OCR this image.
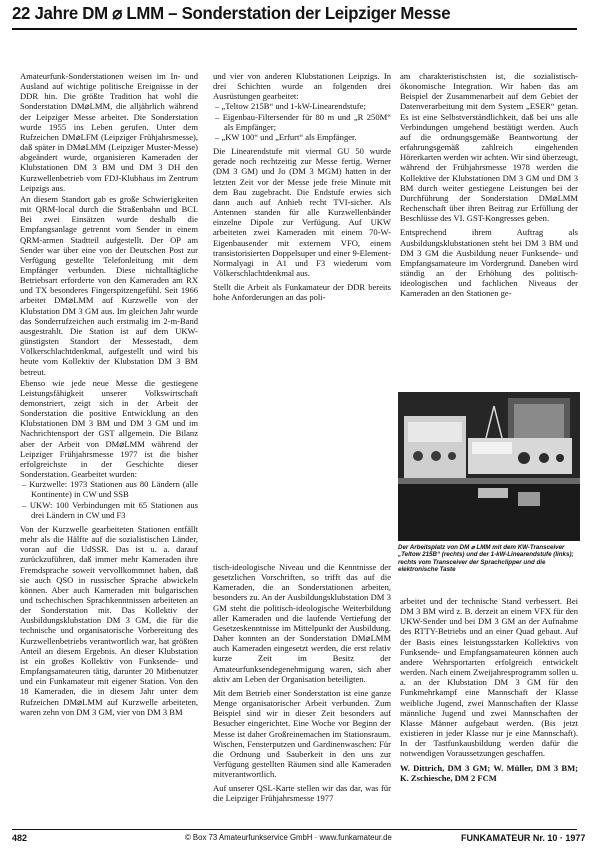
22 Jahre DM ⌀ LMM – Sonderstation der Leipziger Messe

Amateurfunk-Sonderstationen weisen im In- und Ausland auf wichtige politische Ereignisse in der DDR hin. Die größte Tradition hat wohl die Sonderstation DM⌀LMM, die alljährlich während der Leipziger Messe arbeitet. Die Sonderstation wurde 1955 ins Leben gerufen. Unter dem Rufzeichen DM⌀LFM (Leipziger Frühjahrsmesse), daß später in DM⌀LMM (Leipziger Muster-Messe) abgeändert wurde, organisieren Kameraden der Klubstationen DM 3 BM und DM 3 DH den Kurzwellenbetrieb vom FDJ-Klubhaus im Zentrum Leipzigs aus.

An diesem Standort gab es große Schwierigkeiten mit QRM-local durch die Straßenbahn und BCI. Bei zwei Einsätzen wurde deshalb die Empfangsanlage getrennt vom Sender in einem QRM-armen Stadtteil aufgestellt. Der OP am Sender war über eine von der Deutschen Post zur Verfügung gestellte Telefonleitung mit dem Empfänger verbunden. Diese nichtalltägliche Betriebsart erforderte von den Kameraden am RX und TX besonderes Fingerspitzengefühl. Seit 1966 arbeitet DM⌀LMM auf Kurzwelle von der Klubstation DM 3 GM aus. Im gleichen Jahr wurde das Sonderrufzeichen auch erstmalig im 2-m-Band ausgestrahlt. Die Station ist auf dem UKW-günstigsten Standort der Messestadt, dem Völkerschlachtdenkmal, aufgestellt und wird bis heute vom Kollektiv der Klubstation DM 3 BM betreut.

Ebenso wie jede neue Messe die gestiegene Leistungsfähigkeit unserer Volkswirtschaft demonstriert, zeigt sich in der Arbeit der Sonderstation die positive Entwicklung an den Klubstationen DM 3 BM und DM 3 GM und im Nachrichtensport der GST allgemein. Die Bilanz aber der Arbeit von DM⌀LMM während der Leipziger Frühjahrsmesse 1977 ist die bisher erfolgreichste in der Geschichte dieser Sonderstation. Gearbeitet wurden:

– Kurzwelle: 1973 Stationen aus 80 Ländern (alle Kontinente) in CW und SSB

– UKW: 100 Verbindungen mit 65 Stationen aus drei Ländern in CW und F3

Von der Kurzwelle gearbeiteten Stationen entfällt mehr als die Hälfte auf die sozialistischen Länder, voran auf die UdSSR. Das ist u. a. darauf zurückzuführen, daß immer mehr Kameraden ihre Fremdsprache soweit vervollkommnet haben, daß sie auch QSO in russischer Sprache abwickeln können. Aber auch Kameraden mit bulgarischen und tschechischen Sprachkenntnissen arbeiteten an der Sonderstation mit. Das Kollektiv der Ausbildungsklubstation DM 3 GM, die für die technische und organisatorische Vorbereitung des Kurzwellenbetriebs verantwortlich war, hat größten Anteil an diesem Ergebnis. An dieser Klubstation ist ein großes Kollektiv von Funksende- und Empfangsamateuren tätig, darunter 20 Mitbenutzer und ein Funkamateur mit eigener Station. Von den 18 Kameraden, die in diesem Jahr unter dem Rufzeichen DM⌀LMM auf Kurzwelle arbeiteten, waren zehn von DM 3 GM, vier von DM 3 BM

und vier von anderen Klubstationen Leipzigs. In drei Schichten wurde an folgenden drei Ausrüstungen gearbeitet:

– „Teltow 215B“ und 1-kW-Linearendstufe;

– Eigenbau-Filtersender für 80 m und „R 250M“ als Empfänger;

– „KW 100“ und „Erfurt“ als Empfänger.

Die Linearendstufe mit viermal GU 50 wurde gerade noch rechtzeitig zur Messe fertig. Werner (DM 3 GM) und Jo (DM 3 MGM) hatten in der letzten Zeit vor der Messe jede freie Minute mit dem Bau zugebracht. Die Endstufe erwies sich dann auch auf Anhieb recht TVI-sicher. Als Antennen standen für alle Kurzwellenbänder einzelne Dipole zur Verfügung. Auf UKW arbeiteten zwei Kameraden mit einem 70-W-Eigenbausender mit externem VFO, einem transistorisierten Doppelsuper und einer 9-Element-Normalyagi in A1 und F3 wiederum vom Völkerschlachtdenkmal aus.

Stellt die Arbeit als Funkamateur der DDR bereits hohe Anforderungen an das poli-

tisch-ideologische Niveau und die Kenntnisse der gesetzlichen Vorschriften, so trifft das auf die Kameraden, die an Sonderstationen arbeiten, besonders zu. An der Ausbildungsklubstation DM 3 GM steht die politisch-ideologische Weiterbildung aller Kameraden und die laufende Vertiefung der Gesetzeskenntnisse im Mittelpunkt der Ausbildung. Daher konnten an der Sonderstation DM⌀LMM auch Kameraden eingesetzt werden, die erst relativ kurze Zeit im Besitz der Amateurfunksendegenehmigung waren, sich aber aktiv am Leben der Organisation beteiligten.

Mit dem Betrieb einer Sonderstation ist eine ganze Menge organisatorischer Arbeit verbunden. Zum Beispiel sind wir in dieser Zeit besonders auf Besucher eingerichtet. Eine Woche vor Beginn der Messe ist daher Großreinemachen im Stationsraum. Wischen, Fensterputzen und Gardinenwaschen: Für die Ordnung und Sauberkeit in den uns zur Verfügung gestellten Räumen sind alle Kameraden mitverantwortlich.

Auf unserer QSL-Karte stellen wir das dar, was für die Leipziger Frühjahrsmesse 1977

am charakteristischsten ist, die sozialistisch-ökonomische Integration. Wir haben das am Beispiel der Zusammenarbeit auf dem Gebiet der Datenverarbeitung mit dem System „ESER“ getan. Es ist eine Selbstverständlichkeit, daß bei uns alle Verbindungen umgehend bestätigt werden. Auch auf die ordnungsgemäße Beantwortung der erfahrungsgemäß zahlreich eingehenden Hörerkarten werden wir achten. Wir sind überzeugt, während der Frühjahrsmesse 1978 werden die Kollektive der Klubstationen DM 3 GM und DM 3 BM durch weiter gestiegene Leistungen bei der Durchführung der Sonderstation DM⌀LMM Rechenschaft über ihren Beitrag zur Erfüllung der Beschlüsse des VI. GST-Kongresses geben.

Entsprechend ihrem Auftrag als Ausbildungsklubstationen steht bei DM 3 BM und DM 3 GM die Ausbildung neuer Funksende- und Empfangsamateure im Vordergrund. Daneben wird ständig an der Erhöhung des politisch-ideologischen und fachlichen Niveaus der Kameraden an den Stationen ge-

Der Arbeitsplatz von DM ⌀ LMM mit dem KW-Transceiver „Teltow 215B“ (rechts) und der 1-kW-Linearendstufe (links); rechts vom Transceiver der Sprachclipper und die elektronische Taste

arbeitet und der technische Stand verbessert. Bei DM 3 BM wird z. B. derzeit an einem VFX für den UKW-Sender und bei DM 3 GM an der Aufnahme des RTTY-Betriebs und an einer Quad gebaut. Auf der Basis eines leistungsstarken Kollektivs von Funksende- und Empfangsamateuren können auch andere Wehrsportarten erfolgreich entwickelt werden. Nach einem Zweijahresprogramm sollen u. a. an der Klubstation DM 3 GM für den Funkmehrkampf eine Mannschaft der Klasse weibliche Jugend, zwei Mannschaften der Klasse männliche Jugend und zwei Mannschaften der Klasse Männer aufgebaut werden. (Bis jetzt existieren in jeder Klasse nur je eine Mannschaft). In der Tastfunkausbildung werden dafür die notwendigen Voraussetzungen geschaffen.

W. Dittrich, DM 3 GM; W. Müller, DM 3 BM; K. Zschiesche, DM 2 FCM

482	© Box 73 Amateurfunkservice GmbH · www.funkamateur.de	FUNKAMATEUR Nr. 10 · 1977
